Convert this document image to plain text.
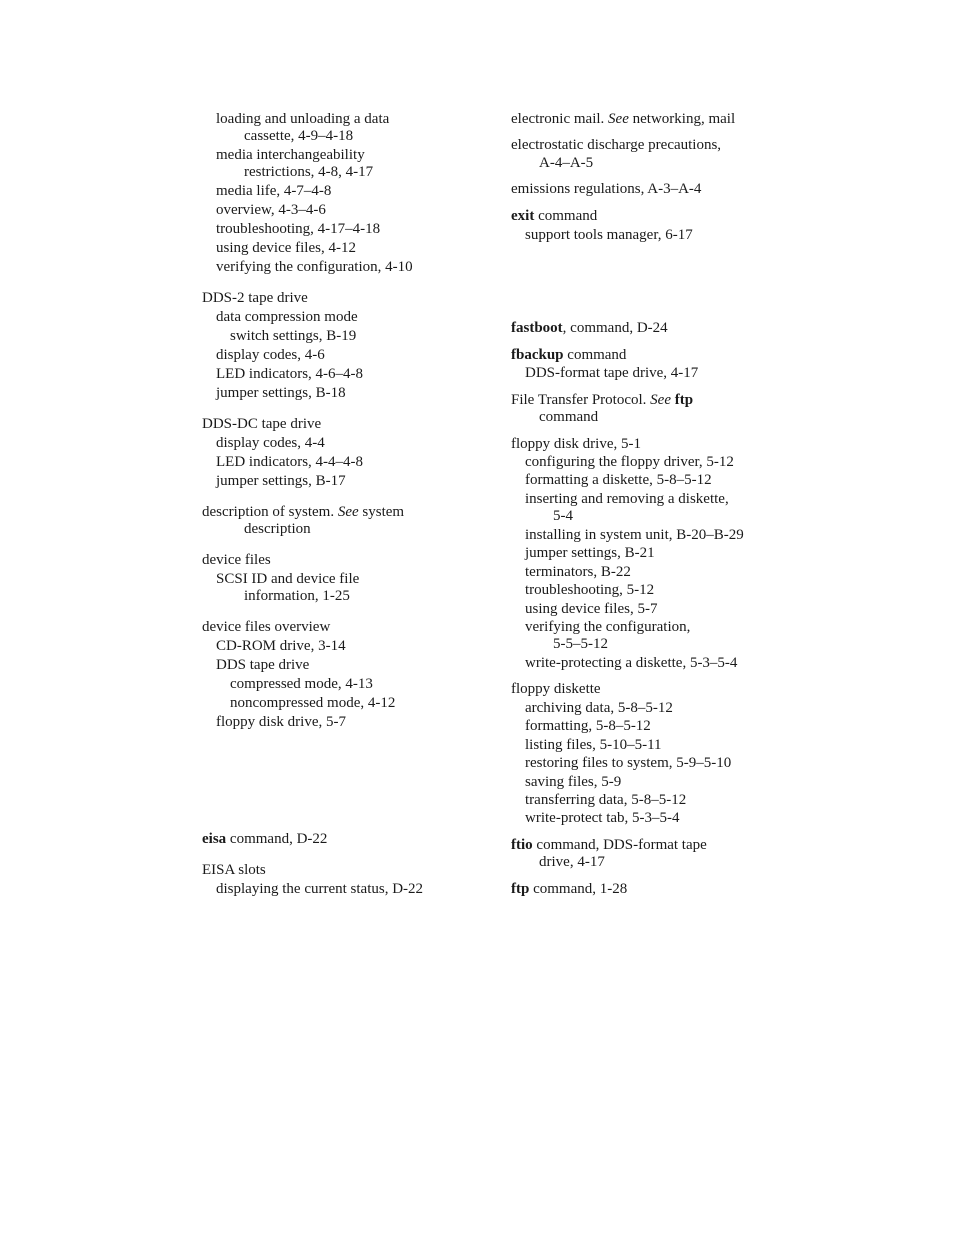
loading and unloading a data
cassette, 4-9–4-18
media interchangeability
restrictions, 4-8, 4-17
media life, 4-7–4-8
overview, 4-3–4-6
troubleshooting, 4-17–4-18
using device files, 4-12
verifying the configuration, 4-10
DDS-2 tape drive
data compression mode
switch settings, B-19
display codes, 4-6
LED indicators, 4-6–4-8
jumper settings, B-18
DDS-DC tape drive
display codes, 4-4
LED indicators, 4-4–4-8
jumper settings, B-17
description of system. See system
description
device files
SCSI ID and device file
information, 1-25
device files overview
CD-ROM drive, 3-14
DDS tape drive
compressed mode, 4-13
noncompressed mode, 4-12
floppy disk drive, 5-7
eisa command, D-22
EISA slots
displaying the current status, D-22
electronic mail. See networking, mail
electrostatic discharge precautions,
A-4–A-5
emissions regulations, A-3–A-4
exit command
support tools manager, 6-17
fastboot, command, D-24
fbackup command
DDS-format tape drive, 4-17
File Transfer Protocol. See ftp
command
floppy disk drive, 5-1
configuring the floppy driver, 5-12
formatting a diskette, 5-8–5-12
inserting and removing a diskette,
5-4
installing in system unit, B-20–B-29
jumper settings, B-21
terminators, B-22
troubleshooting, 5-12
using device files, 5-7
verifying the configuration,
5-5–5-12
write-protecting a diskette, 5-3–5-4
floppy diskette
archiving data, 5-8–5-12
formatting, 5-8–5-12
listing files, 5-10–5-11
restoring files to system, 5-9–5-10
saving files, 5-9
transferring data, 5-8–5-12
write-protect tab, 5-3–5-4
ftio command, DDS-format tape
drive, 4-17
ftp command, 1-28
